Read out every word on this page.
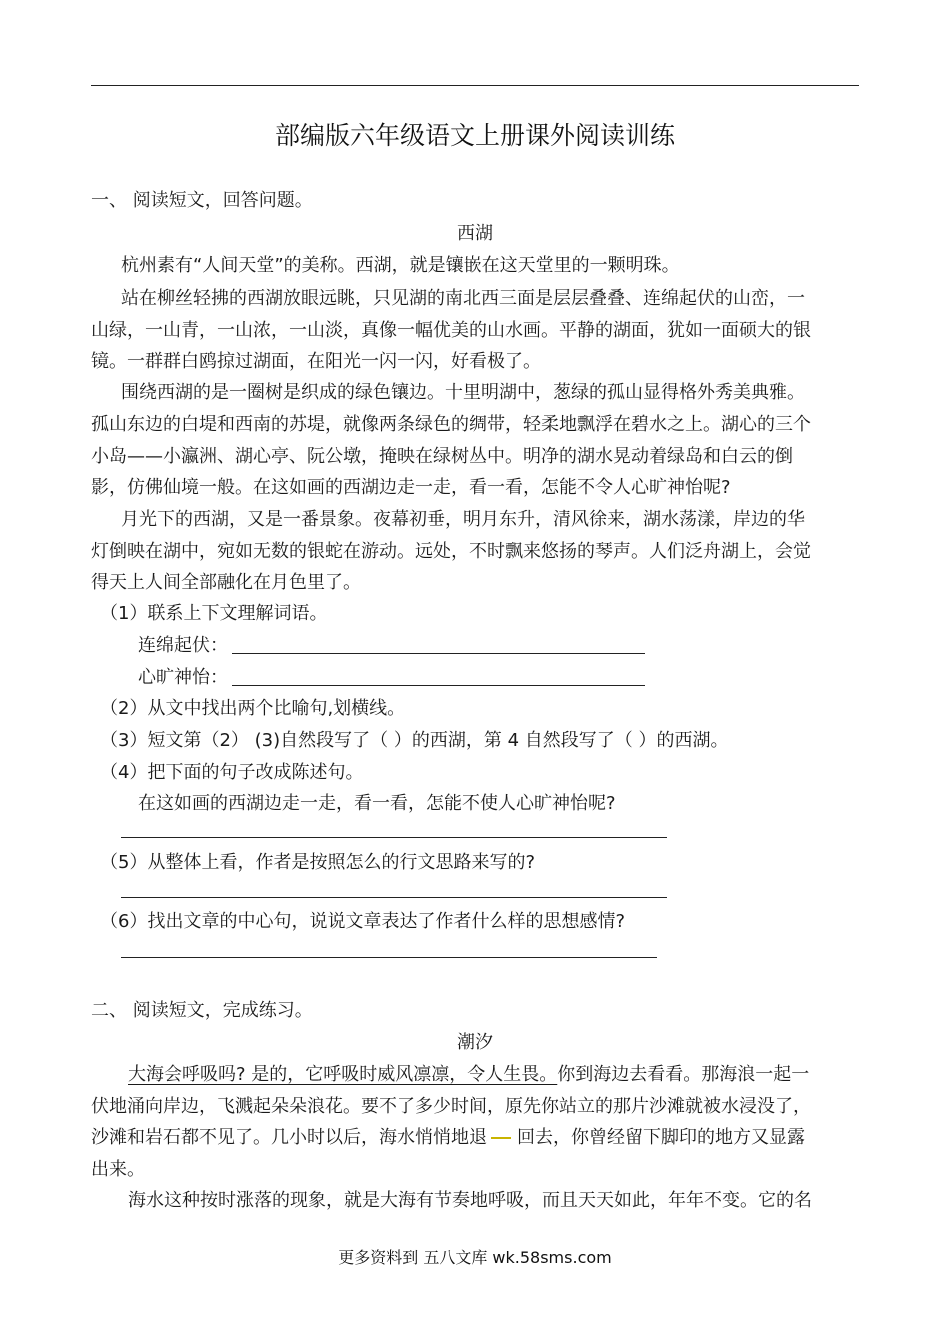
部编版六年级语文上册课外阅读训练
一、 阅读短文，回答问题。
西湖
杭州素有“人间天堂”的美称。西湖，就是镶嵌在这天堂里的一颗明珠。
站在柳丝轻拂的西湖放眼远眺，只见湖的南北西三面是层层叠叠、连绵起伏的山峦，一
山绿，一山青，一山浓，一山淡，真像一幅优美的山水画。平静的湖面，犹如一面硕大的银
镜。一群群白鸥掠过湖面，在阳光一闪一闪，好看极了。
围绕西湖的是一圈树是织成的绿色镶边。十里明湖中，葱绿的孤山显得格外秀美典雅。
孤山东边的白堤和西南的苏堤，就像两条绿色的绸带，轻柔地飘浮在碧水之上。湖心的三个
小岛——小瀛洲、湖心亭、阮公墩，掩映在绿树丛中。明净的湖水晃动着绿岛和白云的倒
影，仿佛仙境一般。在这如画的西湖边走一走，看一看，怎能不令人心旷神怡呢?
月光下的西湖，又是一番景象。夜幕初垂，明月东升，清风徐来，湖水荡漾，岸边的华
灯倒映在湖中，宛如无数的银蛇在游动。远处，不时飘来悠扬的琴声。人们泛舟湖上，会觉
得天上人间全部融化在月色里了。
（1）联系上下文理解词语。
连绵起伏：
心旷神怡：
（2）从文中找出两个比喻句,划横线。
（3）短文第（2） (3)自然段写了（ ）的西湖，第 4 自然段写了（ ）的西湖。
（4）把下面的句子改成陈述句。
在这如画的西湖边走一走，看一看，怎能不使人心旷神怡呢?
（5）从整体上看，作者是按照怎么的行文思路来写的?
（6）找出文章的中心句，说说文章表达了作者什么样的思想感情?
二、 阅读短文，完成练习。
潮汐
大海会呼吸吗? 是的，它呼吸时威风凛凛，令人生畏。你到海边去看看。那海浪一起一
伏地涌向岸边，飞溅起朵朵浪花。要不了多少时间，原先你站立的那片沙滩就被水浸没了，
沙滩和岩石都不见了。几小时以后，海水悄悄地退 回去，你曾经留下脚印的地方又显露
出来。
海水这种按时涨落的现象，就是大海有节奏地呼吸，而且天天如此，年年不变。它的名
更多资料到 五八文库 wk.58sms.com
